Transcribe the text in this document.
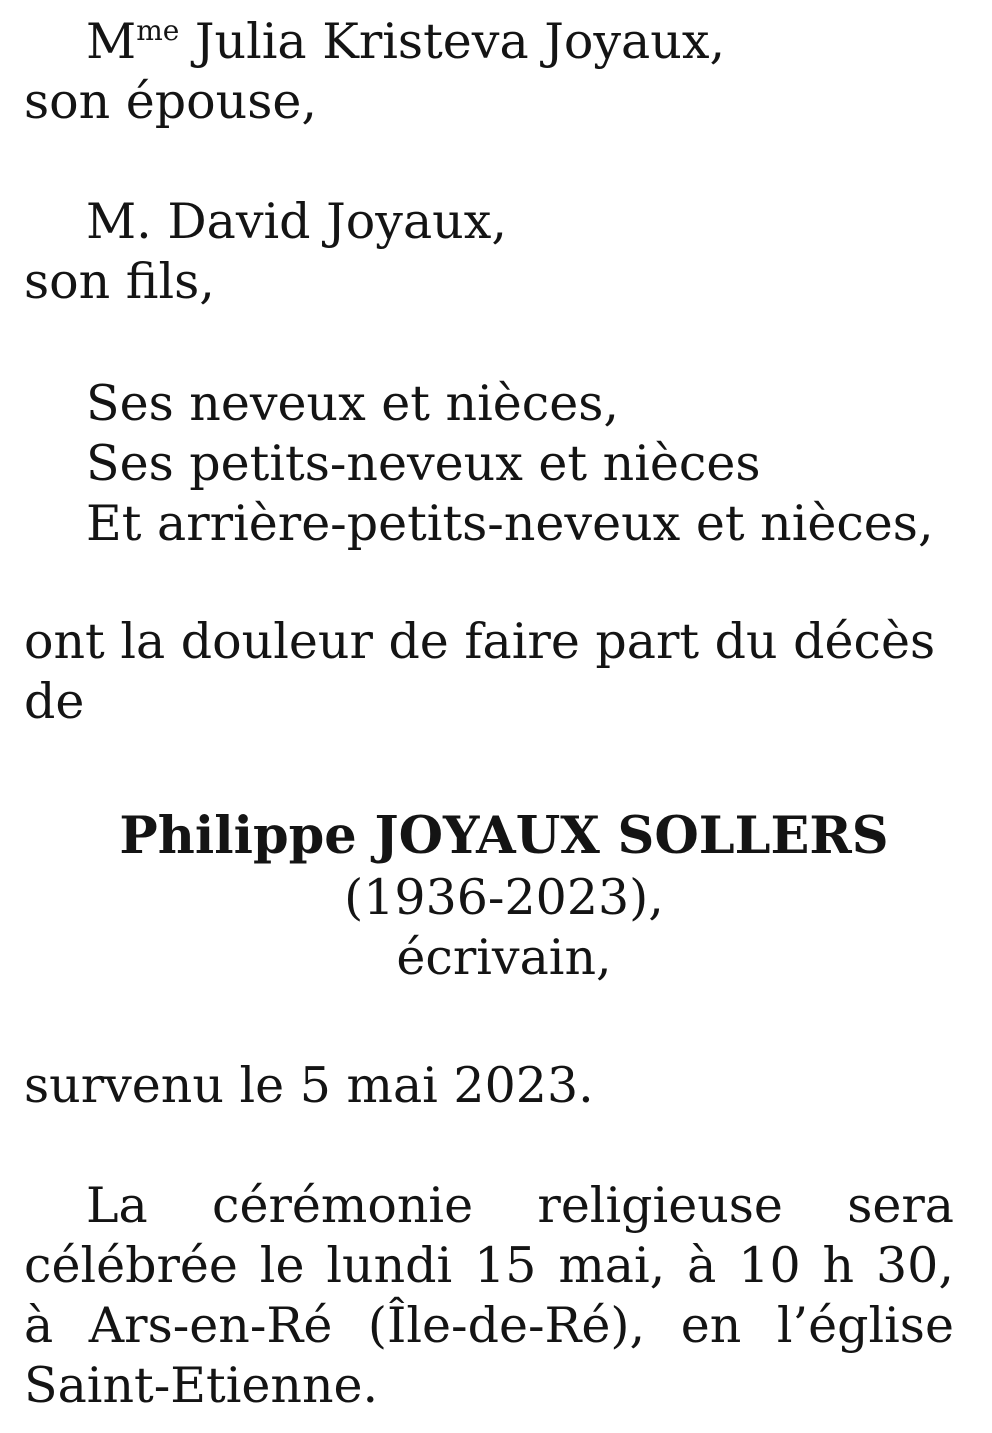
$M^{me}$ Julia Kristeva Joyaux,
son épouse,
M. David Joyaux,
son fils,
Ses neveux et nièces,
Ses petits-neveux et nièces
Et arrière-petits-neveux et nièces,
ont la douleur de faire part du décès
de
Philippe JOYAUX SOLLERS
(1936-2023),
écrivain,
survenu le 5 mai 2023.
La cérémonie religieuse sera
célébrée le lundi 15 mai, à 10 h 30,
à Ars-en-Ré (Île-de-Ré), en l’église
Saint-Etienne.
